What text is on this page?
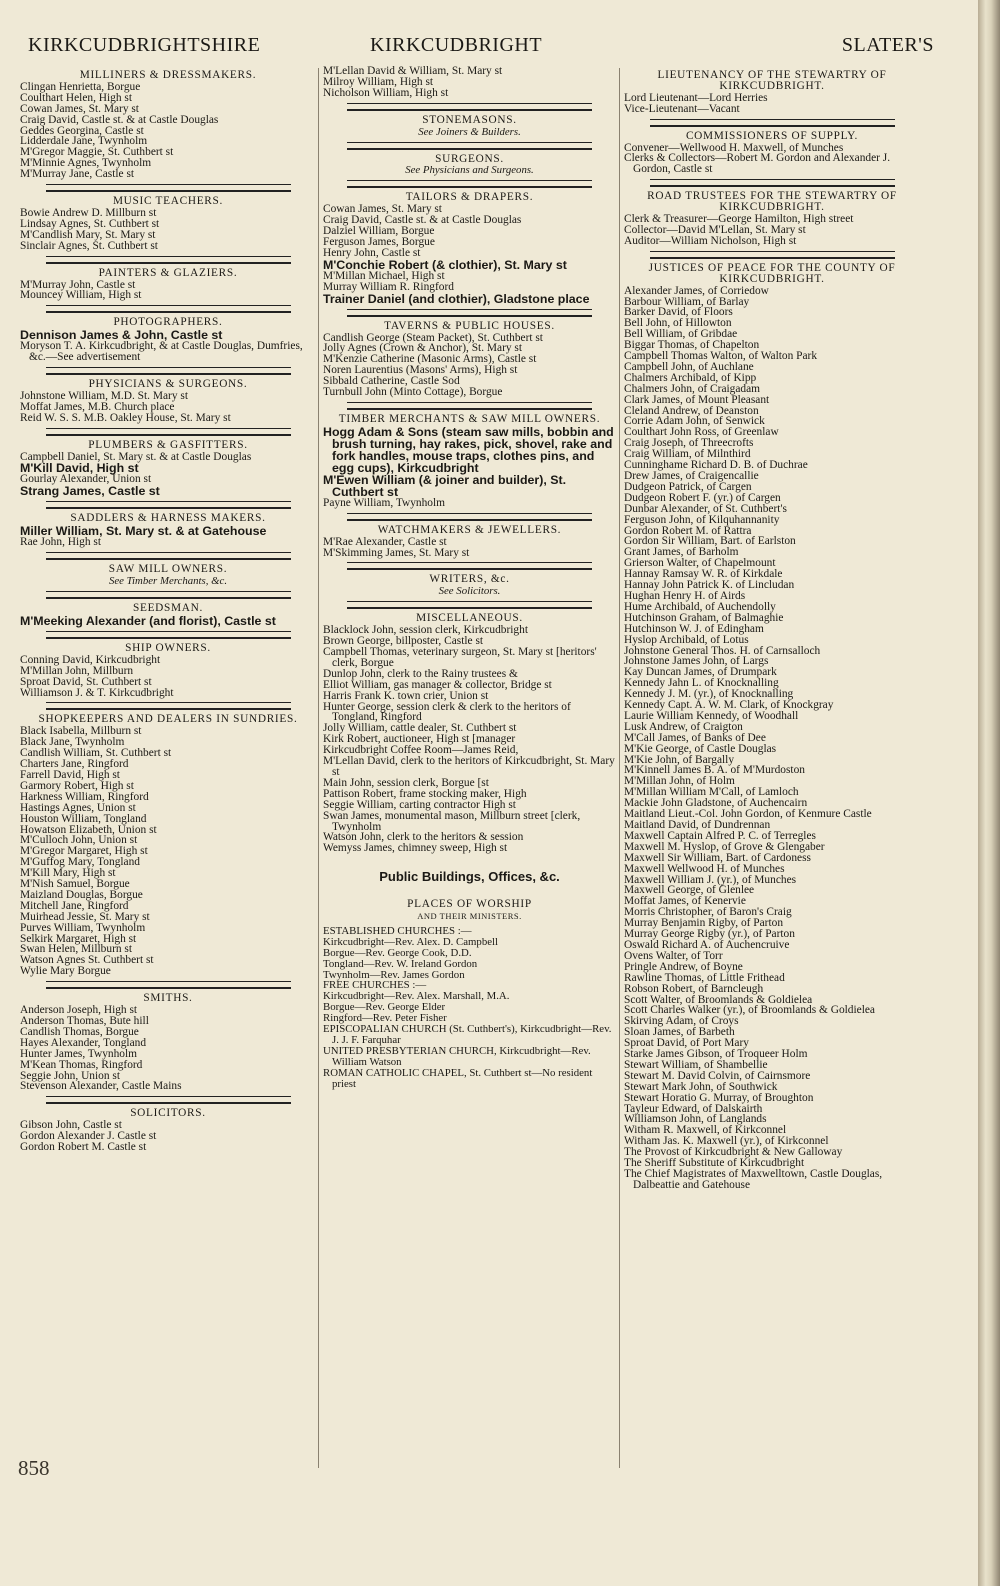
KIRKCUDBRIGHTSHIRE	KIRKCUDBRIGHT	SLATER'S
MILLINERS & DRESSMAKERS.
Clingan Henrietta, Borgue
Coulthart Helen, High st
Cowan James, St. Mary st
Craig David, Castle st. & at Castle Douglas
Geddes Georgina, Castle st
Lidderdale Jane, Twynholm
M'Gregor Maggie, St. Cuthbert st
M'Minnie Agnes, Twynholm
M'Murray Jane, Castle st
MUSIC TEACHERS.
Bowie Andrew D. Millburn st
Lindsay Agnes, St. Cuthbert st
M'Candlish Mary, St. Mary st
Sinclair Agnes, St. Cuthbert st
PAINTERS & GLAZIERS.
M'Murray John, Castle st
Mouncey William, High st
PHOTOGRAPHERS.
Dennison James & John, Castle st
Moryson T. A. Kirkcudbright, & at Castle Douglas, Dumfries, &c.—See advertisement
PHYSICIANS & SURGEONS.
Johnstone William, M.D. St. Mary st
Moffat James, M.B. Church place
Reid W. S. S. M.B. Oakley House, St. Mary st
PLUMBERS & GASFITTERS.
Campbell Daniel, St. Mary st. & at Castle Douglas
M'Kill David, High st
Gourlay Alexander, Union st
Strang James, Castle st
SADDLERS & HARNESS MAKERS.
Miller William, St. Mary st. & at Gatehouse
Rae John, High st
SAW MILL OWNERS.
See Timber Merchants, &c.
SEEDSMAN.
M'Meeking Alexander (and florist), Castle st
SHIP OWNERS.
Conning David, Kirkcudbright
M'Millan John, Millburn
Sproat David, St. Cuthbert st
Williamson J. & T. Kirkcudbright
SHOPKEEPERS AND DEALERS IN SUNDRIES.
Black Isabella, Millburn st
Black Jane, Twynholm
Candlish William, St. Cuthbert st
Charters Jane, Ringford
Farrell David, High st
Garmory Robert, High st
Harkness William, Ringford
Hastings Agnes, Union st
Houston William, Tongland
Howatson Elizabeth, Union st
M'Culloch John, Union st
M'Gregor Margaret, High st
M'Guffog Mary, Tongland
M'Kill Mary, High st
M'Nish Samuel, Borgue
Maizland Douglas, Borgue
Mitchell Jane, Ringford
Muirhead Jessie, St. Mary st
Purves William, Twynholm
Selkirk Margaret, High st
Swan Helen, Millburn st
Watson Agnes St. Cuthbert st
Wylie Mary Borgue
SMITHS.
Anderson Joseph, High st
Anderson Thomas, Bute hill
Candlish Thomas, Borgue
Hayes Alexander, Tongland
Hunter James, Twynholm
M'Kean Thomas, Ringford
Seggie John, Union st
Stevenson Alexander, Castle Mains
SOLICITORS.
Gibson John, Castle st
Gordon Alexander J. Castle st
Gordon Robert M. Castle st
M'Lellan David & William, St. Mary st
Milroy William, High st
Nicholson William, High st
STONEMASONS.
See Joiners & Builders.
SURGEONS.
See Physicians and Surgeons.
TAILORS & DRAPERS.
Cowan James, St. Mary st
Craig David, Castle st. & at Castle Douglas
Dalziel William, Borgue
Ferguson James, Borgue
Henry John, Castle st
M'Conchie Robert (& clothier), St. Mary st
M'Millan Michael, High st
Murray William R. Ringford
Trainer Daniel (and clothier), Gladstone place
TAVERNS & PUBLIC HOUSES.
Candlish George (Steam Packet), St. Cuthbert st
Jolly Agnes (Crown & Anchor), St. Mary st
M'Kenzie Catherine (Masonic Arms), Castle st
Noren Laurentius (Masons' Arms), High st
Sibbald Catherine, Castle Sod
Turnbull John (Minto Cottage), Borgue
TIMBER MERCHANTS & SAW MILL OWNERS.
Hogg Adam & Sons (steam saw mills, bobbin and brush turning, hay rakes, pick, shovel, rake and fork handles, mouse traps, clothes pins, and egg cups), Kirkcudbright
M'Ewen William (& joiner and builder), St. Cuthbert st
Payne William, Twynholm
WATCHMAKERS & JEWELLERS.
M'Rae Alexander, Castle st
M'Skimming James, St. Mary st
WRITERS, &c.
See Solicitors.
MISCELLANEOUS.
Blacklock John, session clerk, Kirkcudbright
Brown George, billposter, Castle st
Campbell Thomas, veterinary surgeon, St. Mary st [heritors' clerk, Borgue
Dunlop John, clerk to the Rainy trustees &
Elliot William, gas manager & collector, Bridge st
Harris Frank K. town crier, Union st
Hunter George, session clerk & clerk to the heritors of Tongland, Ringford
Jolly William, cattle dealer, St. Cuthbert st
Kirk Robert, auctioneer, High st [manager
Kirkcudbright Coffee Room—James Reid,
M'Lellan David, clerk to the heritors of Kirkcudbright, St. Mary st
Main John, session clerk, Borgue [st
Pattison Robert, frame stocking maker, High
Seggie William, carting contractor High st
Swan James, monumental mason, Millburn street [clerk, Twynholm
Watson John, clerk to the heritors & session
Wemyss James, chimney sweep, High st
Public Buildings, Offices, &c.
PLACES OF WORSHIP
AND THEIR MINISTERS.
ESTABLISHED CHURCHES :—
Kirkcudbright—Rev. Alex. D. Campbell
Borgue—Rev. George Cook, D.D.
Tongland—Rev. W. Ireland Gordon
Twynholm—Rev. James Gordon
FREE CHURCHES :—
Kirkcudbright—Rev. Alex. Marshall, M.A.
Borgue—Rev. George Elder
Ringford—Rev. Peter Fisher
EPISCOPALIAN CHURCH (St. Cuthbert's), Kirkcudbright—Rev. J. J. F. Farquhar
UNITED PRESBYTERIAN CHURCH, Kirkcudbright—Rev. William Watson
ROMAN CATHOLIC CHAPEL, St. Cuthbert st—No resident priest
LIEUTENANCY OF THE STEWARTRY OF KIRKCUDBRIGHT.
Lord Lieutenant—Lord Herries
Vice-Lieutenant—Vacant
COMMISSIONERS OF SUPPLY.
Convener—Wellwood H. Maxwell, of Munches
Clerks & Collectors—Robert M. Gordon and Alexander J. Gordon, Castle st
ROAD TRUSTEES FOR THE STEWARTRY OF KIRKCUDBRIGHT.
Clerk & Treasurer—George Hamilton, High street
Collector—David M'Lellan, St. Mary st
Auditor—William Nicholson, High st
JUSTICES OF PEACE FOR THE COUNTY OF KIRKCUDBRIGHT.
Alexander James, of Corriedow
Barbour William, of Barlay
Barker David, of Floors
Bell John, of Hillowton
Bell William, of Gribdae
Biggar Thomas, of Chapelton
Campbell Thomas Walton, of Walton Park
Campbell John, of Auchlane
Chalmers Archibald, of Kipp
Chalmers John, of Craigadam
Clark James, of Mount Pleasant
Cleland Andrew, of Deanston
Corrie Adam John, of Senwick
Coulthart John Ross, of Greenlaw
Craig Joseph, of Threecrofts
Craig William, of Milnthird
Cunninghame Richard D. B. of Duchrae
Drew James, of Craigencallie
Dudgeon Patrick, of Cargen
Dudgeon Robert F. (yr.) of Cargen
Dunbar Alexander, of St. Cuthbert's
Ferguson John, of Kilquhannanity
Gordon Robert M. of Rattra
Gordon Sir William, Bart. of Earlston
Grant James, of Barholm
Grierson Walter, of Chapelmount
Hannay Ramsay W. R. of Kirkdale
Hannay John Patrick K. of Lincludan
Hughan Henry H. of Airds
Hume Archibald, of Auchendolly
Hutchinson Graham, of Balmaghie
Hutchinson W. J. of Edingham
Hyslop Archibald, of Lotus
Johnstone General Thos. H. of Carnsalloch
Johnstone James John, of Largs
Kay Duncan James, of Drumpark
Kennedy Jahn L. of Knocknalling
Kennedy J. M. (yr.), of Knocknalling
Kennedy Capt. A. W. M. Clark, of Knockgray
Laurie William Kennedy, of Woodhall
Lusk Andrew, of Craigton
M'Call James, of Banks of Dee
M'Kie George, of Castle Douglas
M'Kie John, of Bargally
M'Kinnell James B. A. of M'Murdoston
M'Millan John, of Holm
M'Millan William M'Call, of Lamloch
Mackie John Gladstone, of Auchencairn
Maitland Lieut.-Col. John Gordon, of Kenmure Castle
Maitland David, of Dundrennan
Maxwell Captain Alfred P. C. of Terregles
Maxwell M. Hyslop, of Grove & Glengaber
Maxwell Sir William, Bart. of Cardoness
Maxwell Wellwood H. of Munches
Maxwell William J. (yr.), of Munches
Maxwell George, of Glenlee
Moffat James, of Kenervie
Morris Christopher, of Baron's Craig
Murray Benjamin Rigby, of Parton
Murray George Rigby (yr.), of Parton
Oswald Richard A. of Auchencruive
Ovens Walter, of Torr
Pringle Andrew, of Boyne
Rawline Thomas, of Little Frithead
Robson Robert, of Barncleugh
Scott Walter, of Broomlands & Goldielea
Scott Charles Walker (yr.), of Broomlands & Goldielea
Skirving Adam, of Croys
Sloan James, of Barbeth
Sproat David, of Port Mary
Starke James Gibson, of Troqueer Holm
Stewart William, of Shambellie
Stewart M. David Colvin, of Cairnsmore
Stewart Mark John, of Southwick
Stewart Horatio G. Murray, of Broughton
Tayleur Edward, of Dalskairth
Williamson John, of Langlands
Witham R. Maxwell, of Kirkconnel
Witham Jas. K. Maxwell (yr.), of Kirkconnel
The Provost of Kirkcudbright & New Galloway
The Sheriff Substitute of Kirkcudbright
The Chief Magistrates of Maxwelltown, Castle Douglas, Dalbeattie and Gatehouse
858
